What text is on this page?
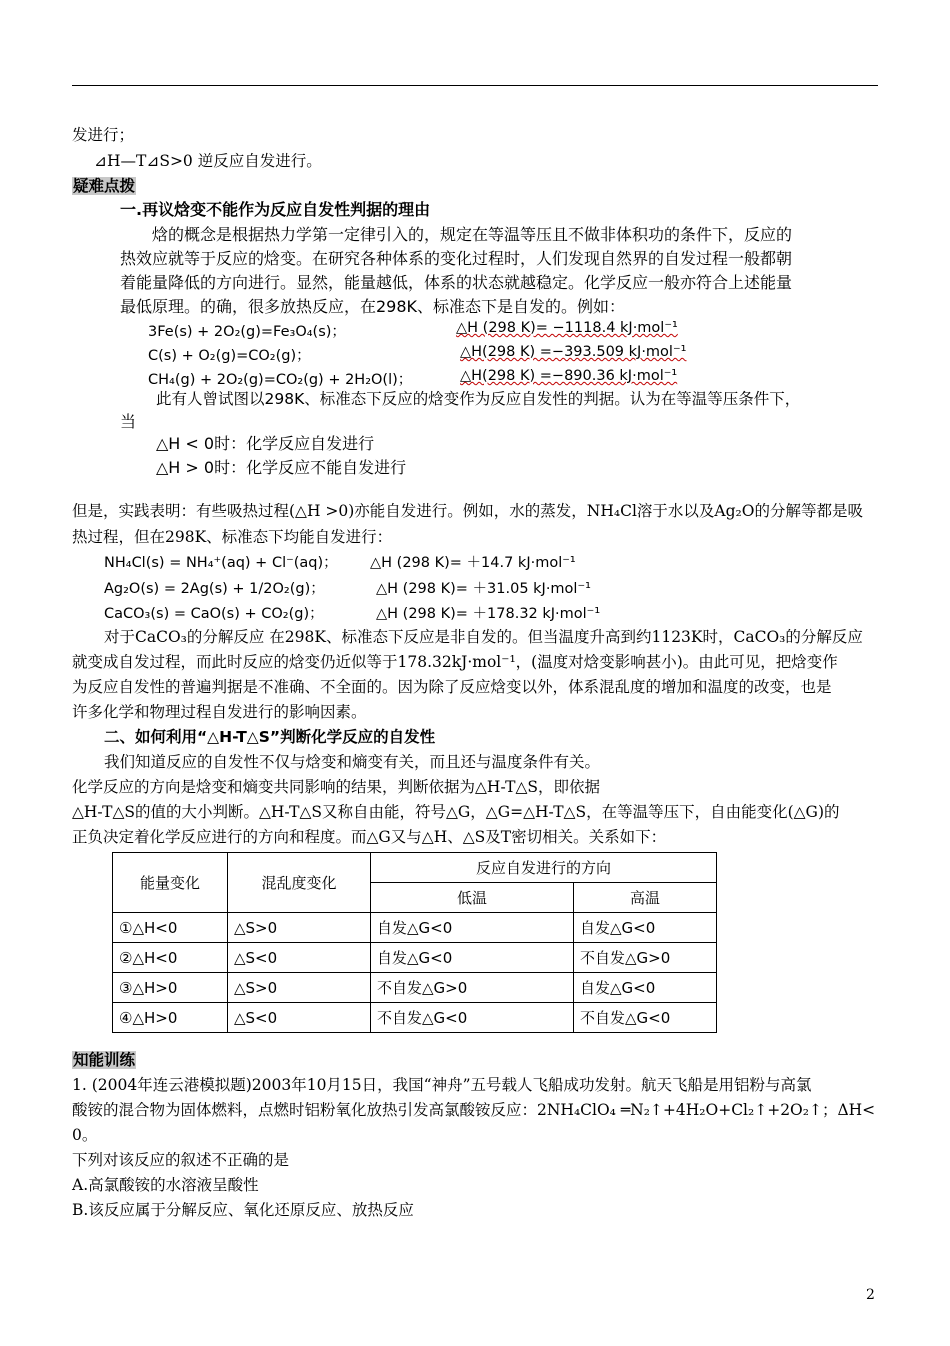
发进行；
⊿H—T⊿S>0 逆反应自发进行。
疑难点拨
一.再议焓变不能作为反应自发性判据的理由
焓的概念是根据热力学第一定律引入的，规定在等温等压且不做非体积功的条件下，反应的
热效应就等于反应的焓变。在研究各种体系的变化过程时，人们发现自然界的自发过程一般都朝
着能量降低的方向进行。显然，能量越低，体系的状态就越稳定。化学反应一般亦符合上述能量
最低原理。的确，很多放热反应，在298K、标准态下是自发的。例如：
3Fe(s) + 2O₂(g)=Fe₃O₄(s)；	△H (298 K)= −1118.4 kJ·mol⁻¹
C(s) + O₂(g)=CO₂(g)；	△H(298 K) =−393.509 kJ·mol⁻¹
CH₄(g) + 2O₂(g)=CO₂(g) + 2H₂O(l)；	△H(298 K) =−890.36 kJ·mol⁻¹
此有人曾试图以298K、标准态下反应的焓变作为反应自发性的判据。认为在等温等压条件下，
当
△H < 0时：化学反应自发进行
△H > 0时：化学反应不能自发进行
但是，实践表明：有些吸热过程(△H >0)亦能自发进行。例如，水的蒸发，NH₄Cl溶于水以及Ag₂O的分解等都是吸
热过程，但在298K、标准态下均能自发进行：
NH₄Cl(s) = NH₄⁺(aq) + Cl⁻(aq)； △H (298 K)= ＋14.7 kJ·mol⁻¹
Ag₂O(s) = 2Ag(s) + 1/2O₂(g)；	△H (298 K)= ＋31.05 kJ·mol⁻¹
CaCO₃(s) = CaO(s) + CO₂(g)；	△H (298 K)= ＋178.32 kJ·mol⁻¹
对于CaCO₃的分解反应 在298K、标准态下反应是非自发的。但当温度升高到约1123K时，CaCO₃的分解反应
就变成自发过程，而此时反应的焓变仍近似等于178.32kJ·mol⁻¹，(温度对焓变影响甚小)。由此可见，把焓变作
为反应自发性的普遍判据是不准确、不全面的。因为除了反应焓变以外，体系混乱度的增加和温度的改变，也是
许多化学和物理过程自发进行的影响因素。
二、如何利用“△H-T△S”判断化学反应的自发性
我们知道反应的自发性不仅与焓变和熵变有关，而且还与温度条件有关。
化学反应的方向是焓变和熵变共同影响的结果，判断依据为△H-T△S，即依据
△H-T△S的值的大小判断。△H-T△S又称自由能，符号△G，△G=△H-T△S，在等温等压下，自由能变化(△G)的
正负决定着化学反应进行的方向和程度。而△G又与△H、△S及T密切相关。关系如下：
能量变化	混乱度变化	反应自发进行的方向	
		低温	高温
①△H<0	△S>0	自发△G<0	自发△G<0
②△H<0	△S<0	自发△G<0	不自发△G>0
③△H>0	△S>0	不自发△G>0	自发△G<0
④△H>0	△S<0	不自发△G<0	不自发△G<0
知能训练
1. (2004年连云港模拟题)2003年10月15日，我国“神舟”五号载人飞船成功发射。航天飞船是用铝粉与高氯
酸铵的混合物为固体燃料，点燃时铝粉氧化放热引发高氯酸铵反应：2NH₄ClO₄ ═N₂↑+4H₂O+Cl₂↑+2O₂↑；ΔH<
0。
下列对该反应的叙述不正确的是
A.高氯酸铵的水溶液呈酸性
B.该反应属于分解反应、氧化还原反应、放热反应
2
